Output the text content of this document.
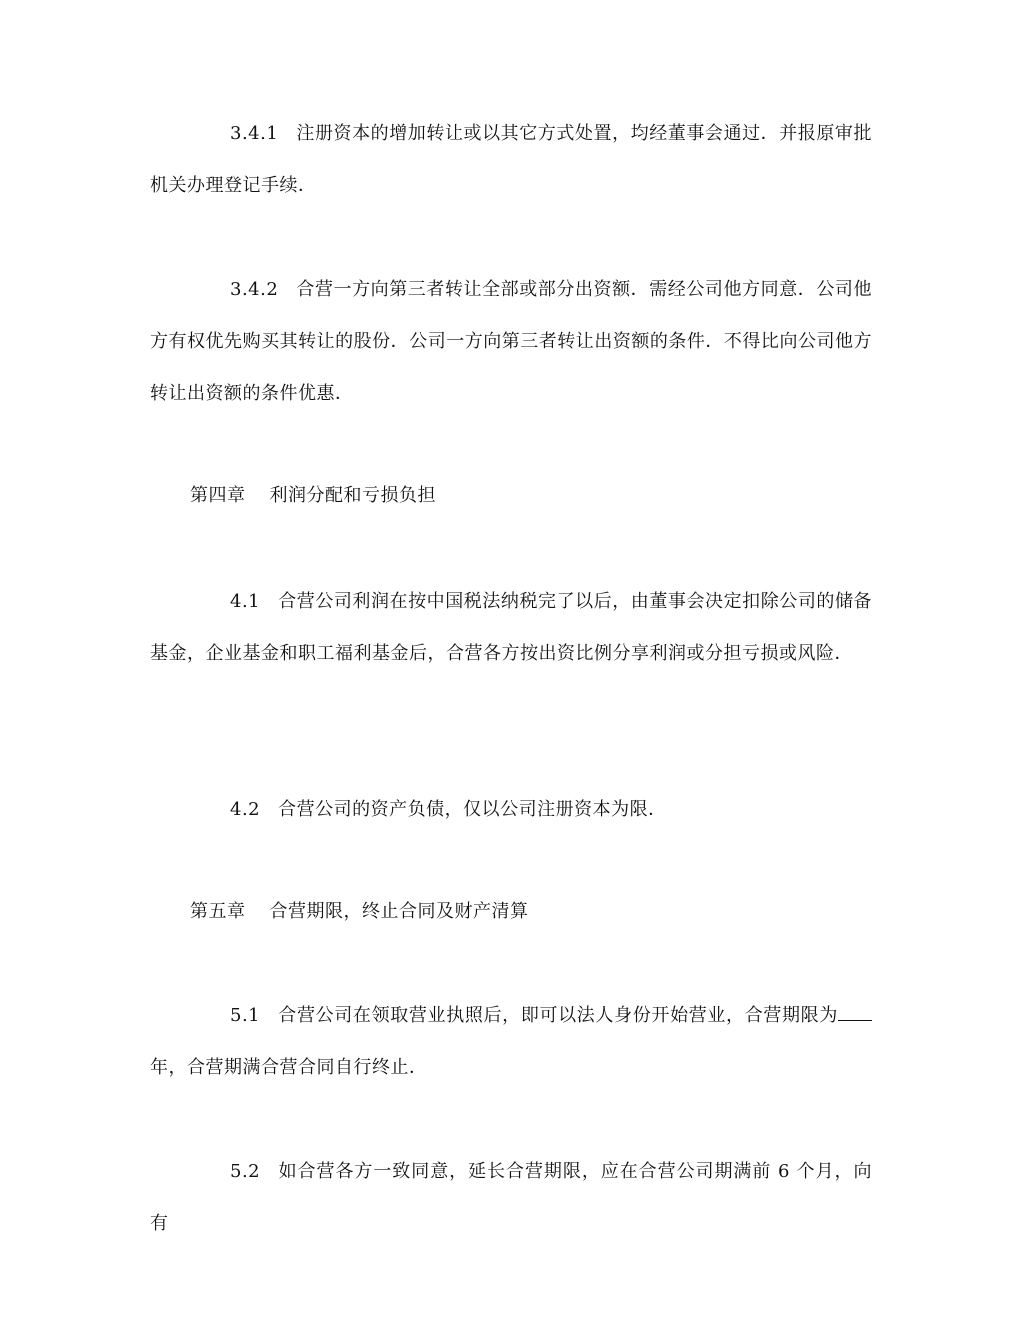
3.4.1 注册资本的增加转让或以其它方式处置，均经董事会通过．并报原审批机关办理登记手续．

3.4.2 合营一方向第三者转让全部或部分出资额．需经公司他方同意．公司他方有权优先购买其转让的股份．公司一方向第三者转让出资额的条件．不得比向公司他方转让出资额的条件优惠．

第四章 利润分配和亏损负担

4.1 合营公司利润在按中国税法纳税完了以后，由董事会决定扣除公司的储备基金，企业基金和职工福利基金后，合营各方按出资比例分享利润或分担亏损或风险．

4.2 合营公司的资产负债，仅以公司注册资本为限．

第五章 合营期限，终止合同及财产清算

5.1 合营公司在领取营业执照后，即可以法人身份开始营业，合营期限为年，合营期满合营合同自行终止．

5.2 如合营各方一致同意，延长合营期限，应在合营公司期满前 6 个月，向有
